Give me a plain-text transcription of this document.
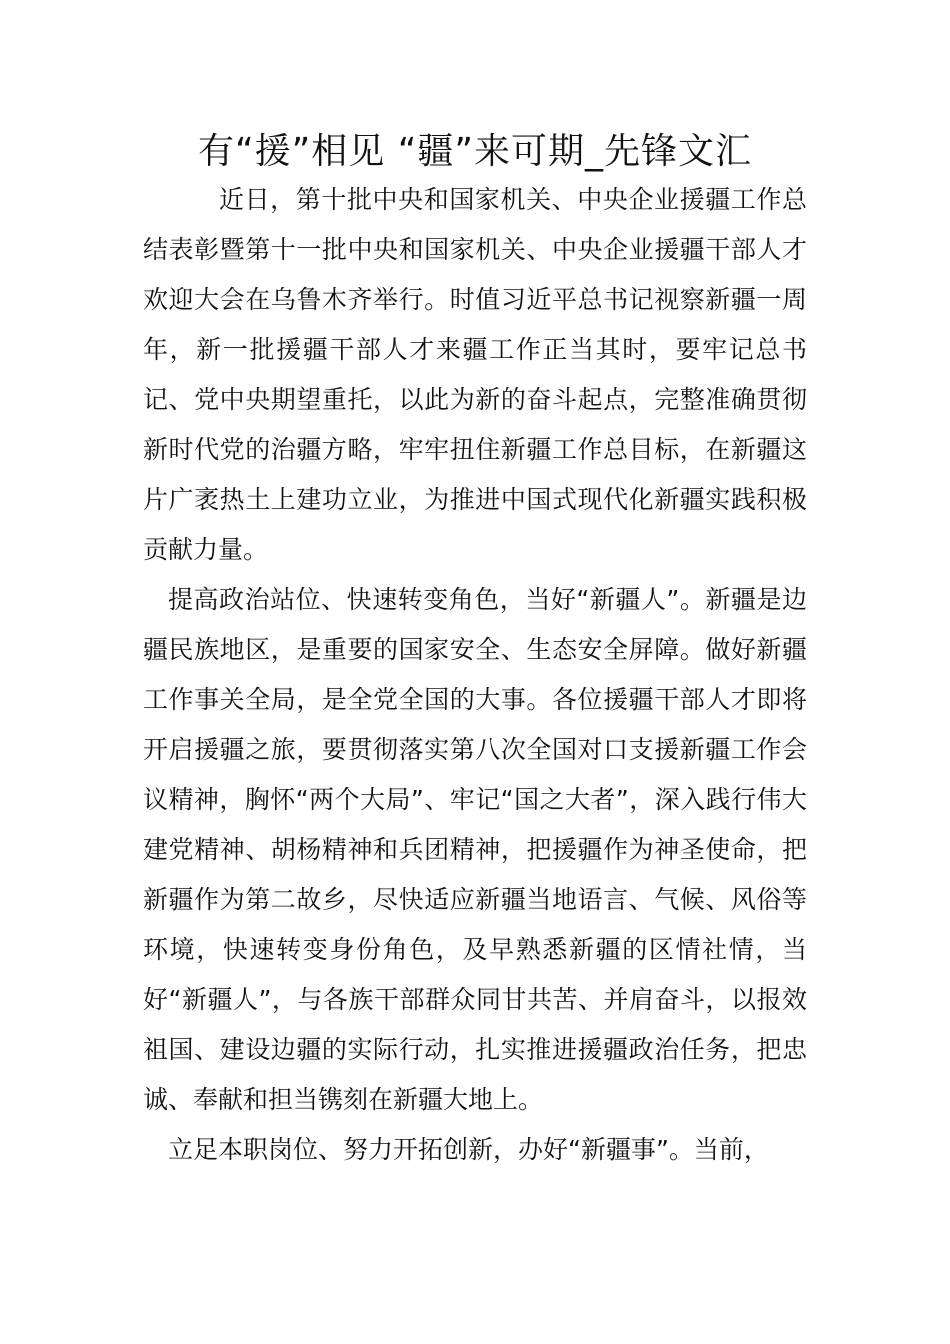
有“援”相见 “疆”来可期_先锋文汇

近日，第十批中央和国家机关、中央企业援疆工作总结表彰暨第十一批中央和国家机关、中央企业援疆干部人才欢迎大会在乌鲁木齐举行。时值习近平总书记视察新疆一周年，新一批援疆干部人才来疆工作正当其时，要牢记总书记、党中央期望重托，以此为新的奋斗起点，完整准确贯彻新时代党的治疆方略，牢牢扭住新疆工作总目标，在新疆这片广袤热土上建功立业，为推进中国式现代化新疆实践积极贡献力量。

提高政治站位、快速转变角色，当好“新疆人”。新疆是边疆民族地区，是重要的国家安全、生态安全屏障。做好新疆工作事关全局，是全党全国的大事。各位援疆干部人才即将开启援疆之旅，要贯彻落实第八次全国对口支援新疆工作会议精神，胸怀“两个大局”、牢记“国之大者”，深入践行伟大建党精神、胡杨精神和兵团精神，把援疆作为神圣使命，把新疆作为第二故乡，尽快适应新疆当地语言、气候、风俗等环境，快速转变身份角色，及早熟悉新疆的区情社情，当好“新疆人”，与各族干部群众同甘共苦、并肩奋斗，以报效祖国、建设边疆的实际行动，扎实推进援疆政治任务，把忠诚、奉献和担当镌刻在新疆大地上。

立足本职岗位、努力开拓创新，办好“新疆事”。当前，
